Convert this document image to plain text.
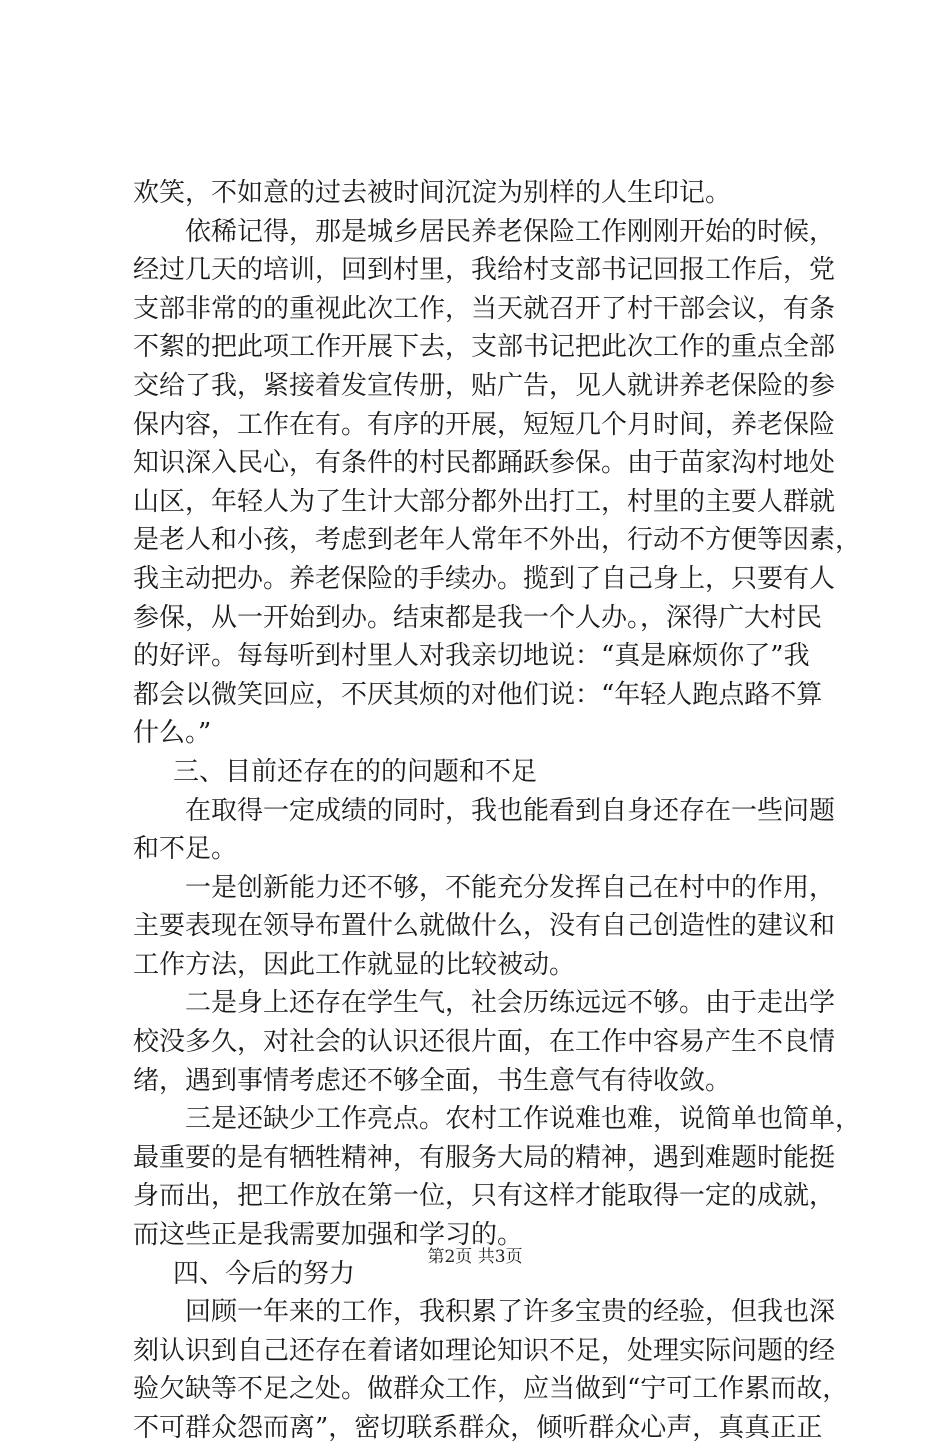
欢笑，不如意的过去被时间沉淀为别样的人生印记。
依稀记得，那是城乡居民养老保险工作刚刚开始的时候，
经过几天的培训，回到村里，我给村支部书记回报工作后，党
支部非常的的重视此次工作，当天就召开了村干部会议，有条
不絮的把此项工作开展下去，支部书记把此次工作的重点全部
交给了我，紧接着发宣传册，贴广告，见人就讲养老保险的参
保内容，工作在有。有序的开展，短短几个月时间，养老保险
知识深入民心，有条件的村民都踊跃参保。由于苗家沟村地处
山区，年轻人为了生计大部分都外出打工，村里的主要人群就
是老人和小孩，考虑到老年人常年不外出，行动不方便等因素，
我主动把办。养老保险的手续办。揽到了自己身上，只要有人
参保，从一开始到办。结束都是我一个人办。，深得广大村民
的好评。每每听到村里人对我亲切地说：“真是麻烦你了”我
都会以微笑回应，不厌其烦的对他们说：“年轻人跑点路不算
什么。”
三、目前还存在的的问题和不足
在取得一定成绩的同时，我也能看到自身还存在一些问题
和不足。
一是创新能力还不够，不能充分发挥自己在村中的作用，
主要表现在领导布置什么就做什么，没有自己创造性的建议和
工作方法，因此工作就显的比较被动。
二是身上还存在学生气，社会历练远远不够。由于走出学
校没多久，对社会的认识还很片面，在工作中容易产生不良情
绪，遇到事情考虑还不够全面，书生意气有待收敛。
三是还缺少工作亮点。农村工作说难也难，说简单也简单，
最重要的是有牺牲精神，有服务大局的精神，遇到难题时能挺
身而出，把工作放在第一位，只有这样才能取得一定的成就，
而这些正是我需要加强和学习的。
四、今后的努力
回顾一年来的工作，我积累了许多宝贵的经验，但我也深
刻认识到自己还存在着诸如理论知识不足，处理实际问题的经
验欠缺等不足之处。做群众工作，应当做到“宁可工作累而故，
不可群众怨而离”，密切联系群众，倾听群众心声，真真正正
第2页 共3页
